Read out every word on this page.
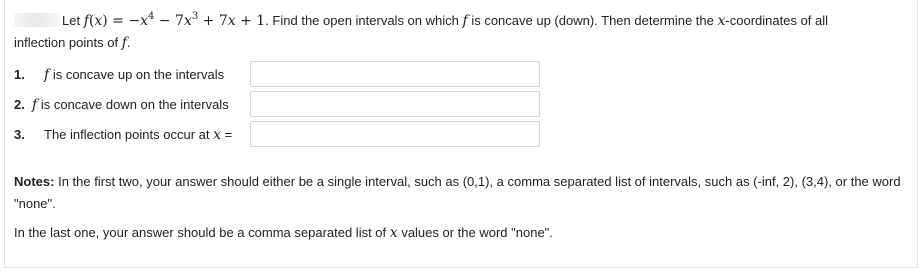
Let $f(x) = -x^4 - 7x^3 + 7x + 1$. Find the open intervals on which f is concave up (down). Then determine the x-coordinates of all
inflection points of f.
1. f is concave up on the intervals
2. f is concave down on the intervals
3. The inflection points occur at x =
Notes: In the first two, your answer should either be a single interval, such as (0,1), a comma separated list of intervals, such as (-inf, 2), (3,4), or the word "none".
In the last one, your answer should be a comma separated list of x values or the word "none".
